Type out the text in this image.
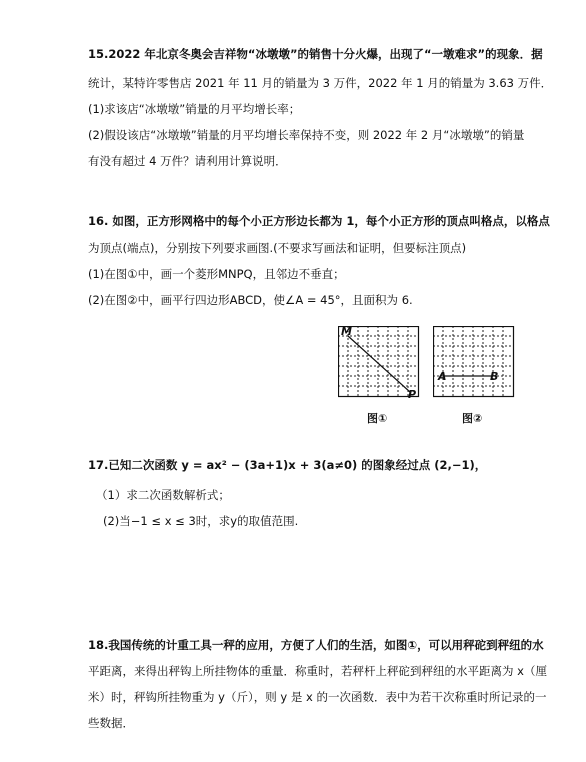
15.2022 年北京冬奥会吉祥物“冰墩墩”的销售十分火爆，出现了“一墩难求”的现象．据
统计，某特许零售店 2021 年 11 月的销量为 3 万件，2022 年 1 月的销量为 3.63 万件．
(1)求该店“冰墩墩”销量的月平均增长率；
(2)假设该店“冰墩墩”销量的月平均增长率保持不变，则 2022 年 2 月“冰墩墩”的销量
有没有超过 4 万件？请利用计算说明．
16. 如图，正方形网格中的每个小正方形边长都为 1，每个小正方形的顶点叫格点，以格点
为顶点(端点)，分别按下列要求画图.(不要求写画法和证明，但要标注顶点)
(1)在图①中，画一个菱形MNPQ，且邻边不垂直；
(2)在图②中，画平行四边形ABCD，使∠A = 45°，且面积为 6.
M
P
图①
A	B
图②
17.已知二次函数 y = ax² − (3a+1)x + 3(a≠0) 的图象经过点 (2,−1)，
（1）求二次函数解析式；
(2)当−1 ≤ x ≤ 3时，求y的取值范围.
18.我国传统的计重工具一秤的应用，方便了人们的生活，如图①，可以用秤砣到秤纽的水
平距离，来得出秤钩上所挂物体的重量．称重时，若秤杆上秤砣到秤纽的水平距离为 x（厘
米）时，秤钩所挂物重为 y（斤），则 y 是 x 的一次函数．表中为若干次称重时所记录的一
些数据．
